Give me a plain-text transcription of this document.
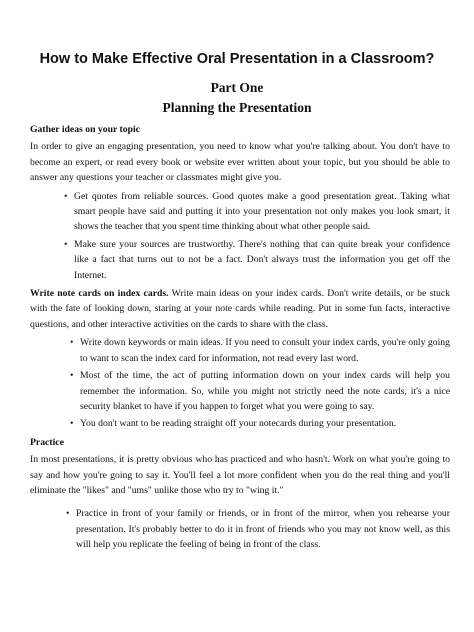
How to Make Effective Oral Presentation in a Classroom?
Part One
Planning the Presentation
Gather ideas on your topic

In order to give an engaging presentation, you need to know what you're talking about. You don't have to become an expert, or read every book or website ever written about your topic, but you should be able to answer any questions your teacher or classmates might give you.

• Get quotes from reliable sources. Good quotes make a good presentation great. Taking what smart people have said and putting it into your presentation not only makes you look smart, it shows the teacher that you spent time thinking about what other people said.
• Make sure your sources are trustworthy. There's nothing that can quite break your confidence like a fact that turns out to not be a fact. Don't always trust the information you get off the Internet.

Write note cards on index cards. Write main ideas on your index cards. Don't write details, or be stuck with the fate of looking down, staring at your note cards while reading. Put in some fun facts, interactive questions, and other interactive activities on the cards to share with the class.

• Write down keywords or main ideas. If you need to consult your index cards, you're only going to want to scan the index card for information, not read every last word.
• Most of the time, the act of putting information down on your index cards will help you remember the information. So, while you might not strictly need the note cards, it's a nice security blanket to have if you happen to forget what you were going to say.
• You don't want to be reading straight off your notecards during your presentation.
Practice

In most presentations, it is pretty obvious who has practiced and who hasn't. Work on what you're going to say and how you're going to say it. You'll feel a lot more confident when you do the real thing and you'll eliminate the "likes" and "ums" unlike those who try to "wing it."

• Practice in front of your family or friends, or in front of the mirror, when you rehearse your presentation. It's probably better to do it in front of friends who you may not know well, as this will help you replicate the feeling of being in front of the class.
